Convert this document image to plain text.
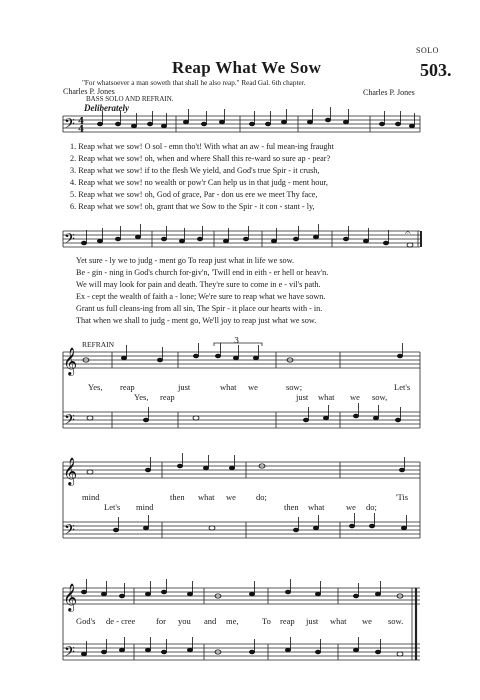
SOLO
Reap What We Sow	503.
"For whatsoever a man soweth that shall he also reap." Read Gal. 6th chapter.
Charles P. Jones	Charles P. Jones
BASS SOLO AND REFRAIN.
Deliberately
REFRAIN
𝄢 4
4
𝄢
𝄞
𝄢
𝄞
𝄢
𝄞
𝄢
𝄐
3
1. Reap what we sow! O sol - emn tho't! With what an aw - ful mean-ing fraught
2. Reap what we sow! oh, when and where Shall this re-ward so sure ap - pear?
3. Reap what we sow! if to the flesh We yield, and God's true Spir - it crush,
4. Reap what we sow! no wealth or pow'r Can help us in that judg - ment hour,
5. Reap what we sow! oh, God of grace, Par - don us ere we meet Thy face,
6. Reap what we sow! oh, grant that we Sow to the Spir - it con - stant - ly,
Yet sure - ly we to judg - ment go To reap just what in life we sow.
Be - gin - ning in God's church for-giv'n, 'Twill end in eith - er hell or heav'n.
We will may look for pain and death. They're sure to come in e - vil's path.
Ex - cept the wealth of faith a - lone; We're sure to reap what we have sown.
Grant us full cleans-ing from all sin, The Spir - it place our hearts with - in.
That when we shall to judg - ment go, We'll joy to reap just what we sow.
Yes, reap	just	what we	sow;	Let's
Yes, reap	just what we sow,
mind	then what we do;	'Tis
Let's mind	then what	we do;
God's de - cree for you and me,	To reap just what we sow.
